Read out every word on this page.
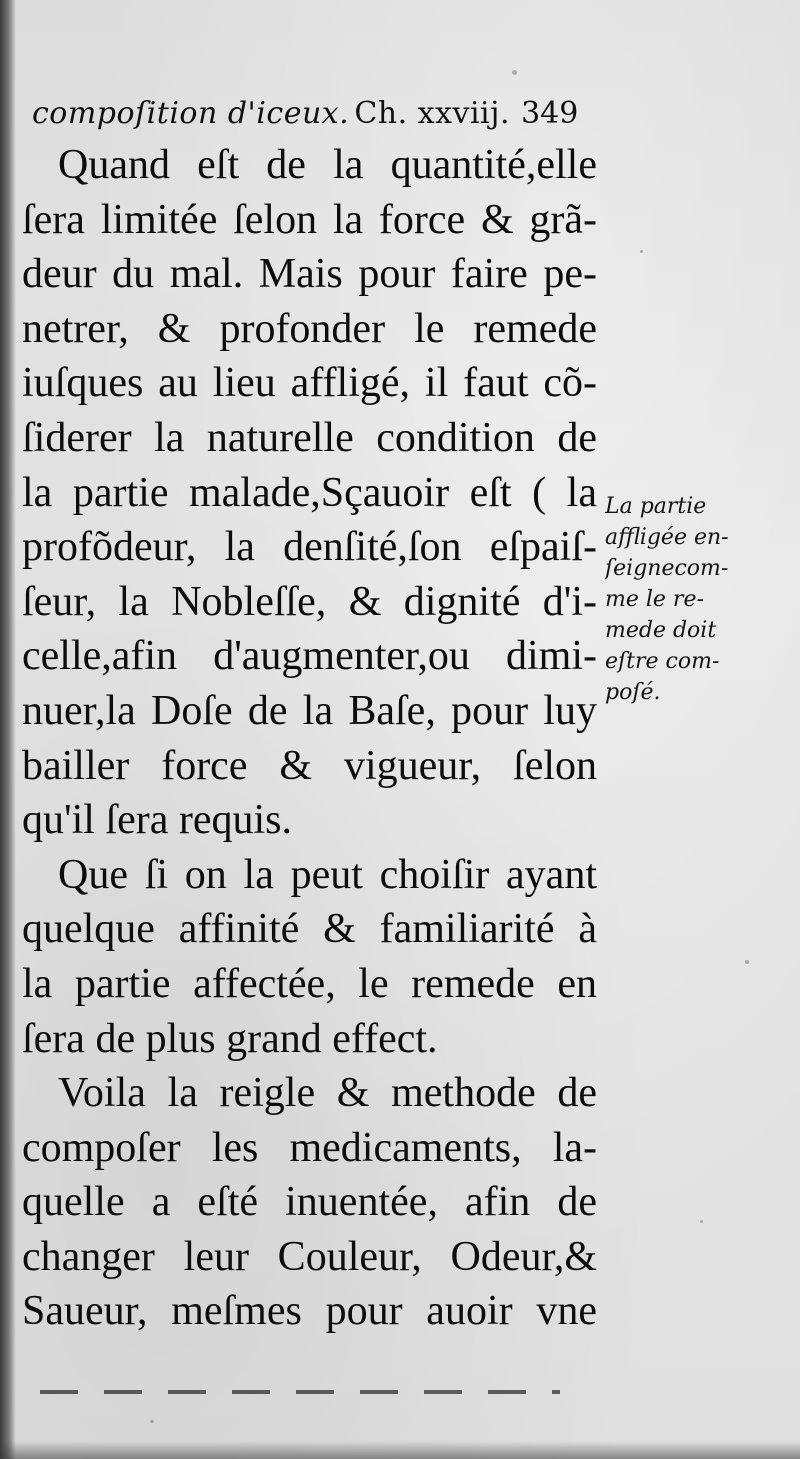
compoſition d'iceux. Ch. xxviij. 349
Quand eſt de la quantité,elle
ſera limitée ſelon la force & grã-
deur du mal. Mais pour faire pe-
netrer, & profonder le remede
iuſques au lieu affligé, il faut cõ-
ſiderer la naturelle condition de
la partie malade,Sçauoir eſt ( la
profõdeur, la denſité,ſon eſpaiſ-
ſeur, la Nobleſſe, & dignité d'i-
celle,afin d'augmenter,ou dimi-
nuer,la Doſe de la Baſe, pour luy
bailler force & vigueur, ſelon
qu'il ſera requis.
Que ſi on la peut choiſir ayant
quelque affinité & familiarité à
la partie affectée, le remede en
ſera de plus grand effect.
Voila la reigle & methode de
compoſer les medicaments, la-
quelle a eſté inuentée, afin de
changer leur Couleur, Odeur,&
Saueur, meſmes pour auoir vne
La partie
affligée en-
ſeignecom-
me le re-
mede doit
eſtre com-
poſé.
